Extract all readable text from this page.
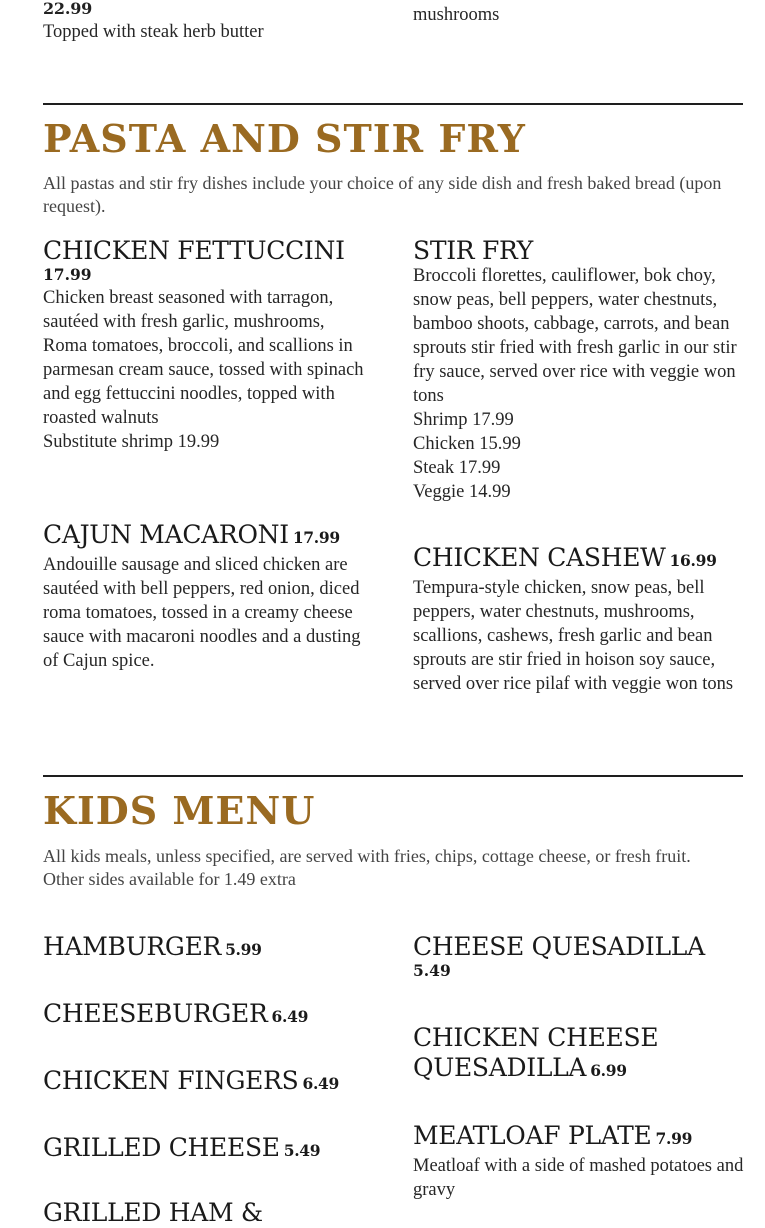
22.99
Topped with steak herb butter
mushrooms
PASTA AND STIR FRY
All pastas and stir fry dishes include your choice of any side dish and fresh baked bread (upon request).
CHICKEN FETTUCCINI
17.99
Chicken breast seasoned with tarragon, sautéed with fresh garlic, mushrooms, Roma tomatoes, broccoli, and scallions in parmesan cream sauce, tossed with spinach and egg fettuccini noodles, topped with roasted walnuts
Substitute shrimp 19.99
STIR FRY
Broccoli florettes, cauliflower, bok choy, snow peas, bell peppers, water chestnuts, bamboo shoots, cabbage, carrots, and bean sprouts stir fried with fresh garlic in our stir fry sauce, served over rice with veggie won tons
Shrimp 17.99
Chicken 15.99
Steak 17.99
Veggie 14.99
CAJUN MACARONI 17.99
Andouille sausage and sliced chicken are sautéed with bell peppers, red onion, diced roma tomatoes, tossed in a creamy cheese sauce with macaroni noodles and a dusting of Cajun spice.
CHICKEN CASHEW 16.99
Tempura-style chicken, snow peas, bell peppers, water chestnuts, mushrooms, scallions, cashews, fresh garlic and bean sprouts are stir fried in hoison soy sauce, served over rice pilaf with veggie won tons
KIDS MENU
All kids meals, unless specified, are served with fries, chips, cottage cheese, or fresh fruit.
Other sides available for 1.49 extra
HAMBURGER 5.99
CHEESEBURGER 6.49
CHICKEN FINGERS 6.49
GRILLED CHEESE 5.49
GRILLED HAM &
CHEESE QUESADILLA
5.49
CHICKEN CHEESE QUESADILLA 6.99
MEATLOAF PLATE 7.99
Meatloaf with a side of mashed potatoes and gravy
